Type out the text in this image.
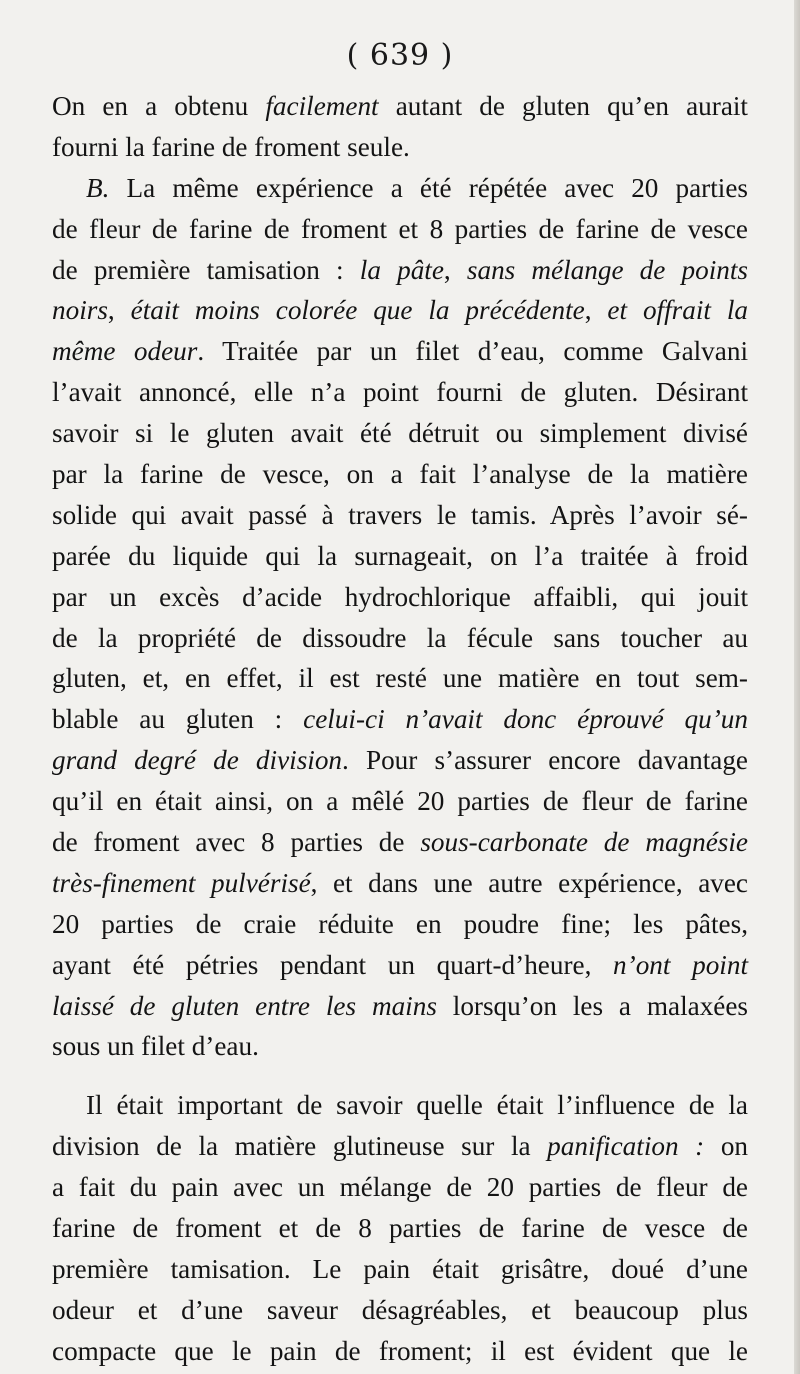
( 639 )
On en a obtenu facilement autant de gluten qu’en aurait
fourni la farine de froment seule.
B. La même expérience a été répétée avec 20 parties
de fleur de farine de froment et 8 parties de farine de vesce
de première tamisation : la pâte, sans mélange de points
noirs, était moins colorée que la précédente, et offrait la
même odeur. Traitée par un filet d’eau, comme Galvani
l’avait annoncé, elle n’a point fourni de gluten. Désirant
savoir si le gluten avait été détruit ou simplement divisé
par la farine de vesce, on a fait l’analyse de la matière
solide qui avait passé à travers le tamis. Après l’avoir sé-
parée du liquide qui la surnageait, on l’a traitée à froid
par un excès d’acide hydrochlorique affaibli, qui jouit
de la propriété de dissoudre la fécule sans toucher au
gluten, et, en effet, il est resté une matière en tout sem-
blable au gluten : celui-ci n’avait donc éprouvé qu’un
grand degré de division. Pour s’assurer encore davantage
qu’il en était ainsi, on a mêlé 20 parties de fleur de farine
de froment avec 8 parties de sous-carbonate de magnésie
très-finement pulvérisé, et dans une autre expérience, avec
20 parties de craie réduite en poudre fine; les pâtes,
ayant été pétries pendant un quart-d’heure, n’ont point
laissé de gluten entre les mains lorsqu’on les a malaxées
sous un filet d’eau.
Il était important de savoir quelle était l’influence de la
division de la matière glutineuse sur la panification : on
a fait du pain avec un mélange de 20 parties de fleur de
farine de froment et de 8 parties de farine de vesce de
première tamisation. Le pain était grisâtre, doué d’une
odeur et d’une saveur désagréables, et beaucoup plus
compacte que le pain de froment; il est évident que le
